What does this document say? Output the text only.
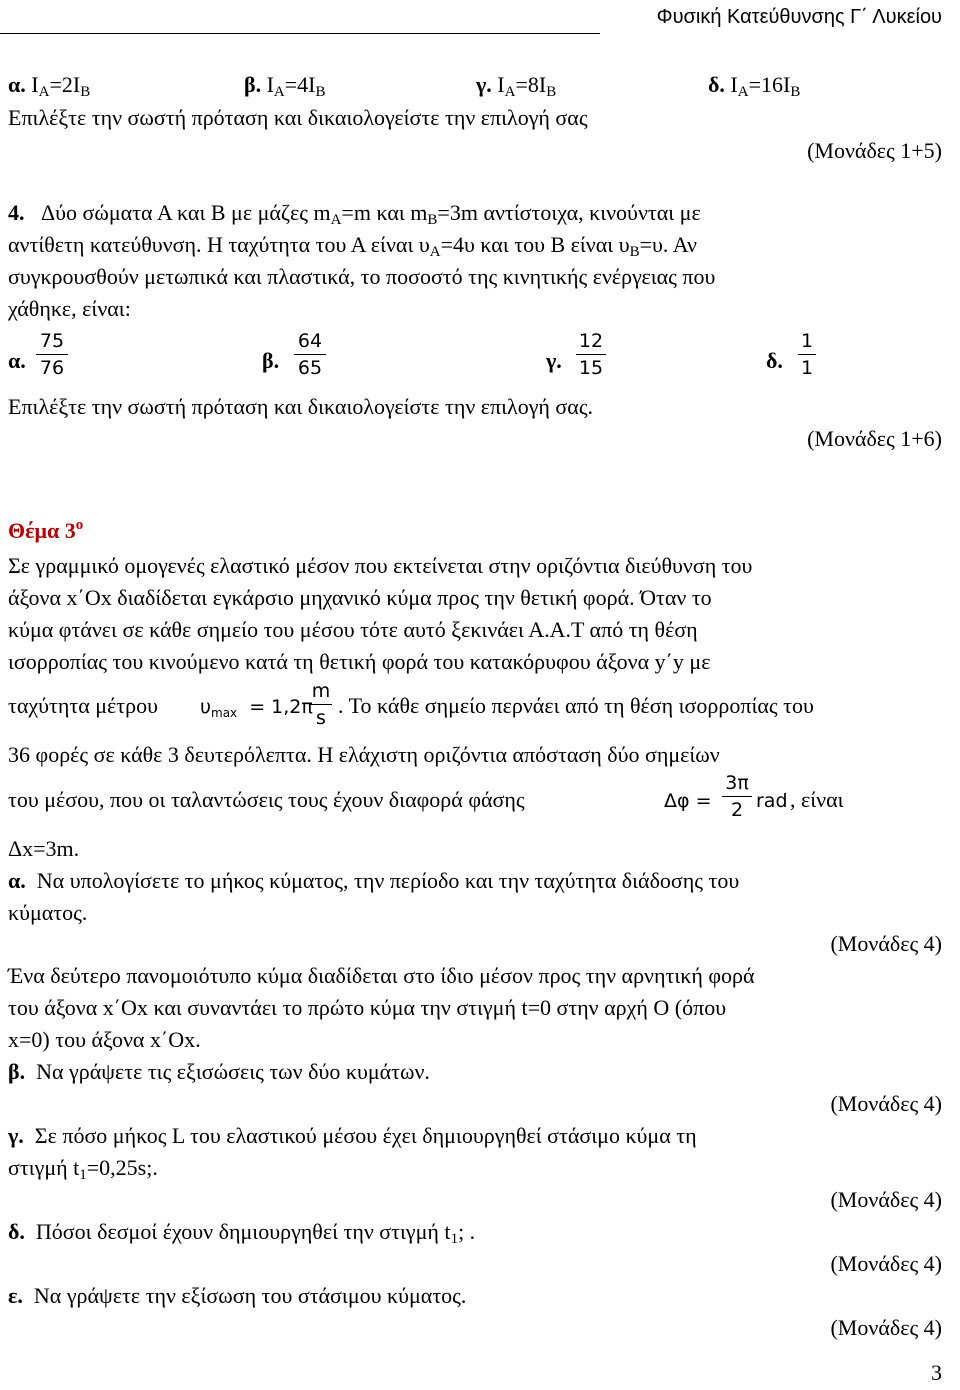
Φυσική Κατεύθυνσης Γ΄ Λυκείου
α. $I_A=2I_B$	β. $I_A=4I_B$	γ. $I_A=8I_B$	δ. $I_A=16I_B$
Επιλέξτε την σωστή πρόταση και δικαιολογείστε την επιλογή σας
(Μονάδες 1+5)
4. Δύο σώματα Α και Β με μάζες $m_A=m$ και $m_B=3m$ αντίστοιχα, κινούνται με
αντίθετη κατεύθυνση. Η ταχύτητα του Α είναι $\upsilon_A=4\upsilon$ και του Β είναι $\upsilon_B=\upsilon$. Αν
συγκρουσθούν μετωπικά και πλαστικά, το ποσοστό της κινητικής ενέργειας που
χάθηκε, είναι:
α. $\frac{75}{76}$	β. $\frac{64}{65}$	γ. $\frac{12}{15}$	δ. $\frac{1}{1}$
Επιλέξτε την σωστή πρόταση και δικαιολογείστε την επιλογή σας.
(Μονάδες 1+6)
Θέμα $3^o$
Σε γραμμικό ομογενές ελαστικό μέσον που εκτείνεται στην οριζόντια διεύθυνση του
άξονα x΄Ox διαδίδεται εγκάρσιο μηχανικό κύμα προς την θετική φορά. Όταν το
κύμα φτάνει σε κάθε σημείο του μέσου τότε αυτό ξεκινάει Α.Α.Τ από τη θέση
ισορροπίας του κινούμενο κατά τη θετική φορά του κατακόρυφου άξονα y΄y με
ταχύτητα μέτρου $\upsilon_{max} = 1,2\pi$
$\frac{m}{s}$ . Το κάθε σημείο περνάει από τη θέση ισορροπίας του
36 φορές σε κάθε 3 δευτερόλεπτα. Η ελάχιστη οριζόντια απόσταση δύο σημείων
του μέσου, που οι ταλαντώσεις τους έχουν διαφορά φάσης	$\Delta\varphi = \frac{3\pi}{2}$ rad , είναι
Δx=3m.
α. Να υπολογίσετε το μήκος κύματος, την περίοδο και την ταχύτητα διάδοσης του
κύματος.
(Μονάδες 4)
Ένα δεύτερο πανομοιότυπο κύμα διαδίδεται στο ίδιο μέσον προς την αρνητική φορά
του άξονα x΄Ox και συναντάει το πρώτο κύμα την στιγμή t=0 στην αρχή Ο (όπου
x=0) του άξονα x΄Ox.
β. Να γράψετε τις εξισώσεις των δύο κυμάτων.
(Μονάδες 4)
γ. Σε πόσο μήκος L του ελαστικού μέσου έχει δημιουργηθεί στάσιμο κύμα τη
στιγμή $t_1=0,25s$;.
(Μονάδες 4)
δ. Πόσοι δεσμοί έχουν δημιουργηθεί την στιγμή $t_1$; .
(Μονάδες 4)
ε. Να γράψετε την εξίσωση του στάσιμου κύματος.
(Μονάδες 4)
3
